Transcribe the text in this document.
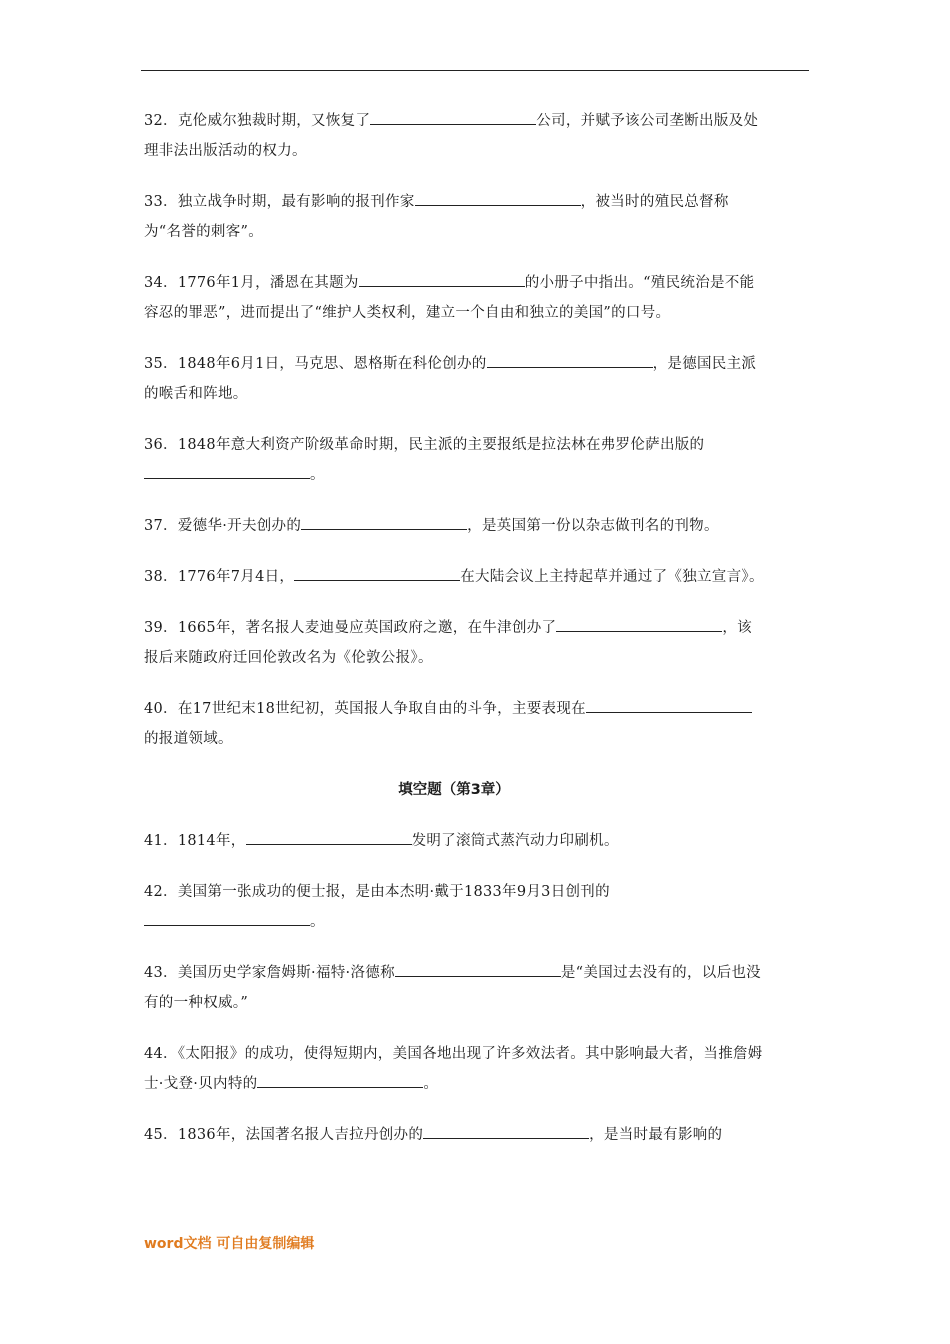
32．克伦威尔独裁时期，又恢复了	公司，并赋予该公司垄断出版及处理非法出版活动的权力。

33．独立战争时期，最有影响的报刊作家	，被当时的殖民总督称为“名誉的刺客”。

34．1776年1月，潘恩在其题为	的小册子中指出。“殖民统治是不能容忍的罪恶”，进而提出了“维护人类权利，建立一个自由和独立的美国”的口号。

35．1848年6月1日，马克思、恩格斯在科伦创办的	，是德国民主派的喉舌和阵地。

36．1848年意大利资产阶级革命时期，民主派的主要报纸是拉法林在弗罗伦萨出版的。

37．爱德华·开夫创办的	，是英国第一份以杂志做刊名的刊物。

38．1776年7月4日，	在大陆会议上主持起草并通过了《独立宣言》。

39．1665年，著名报人麦迪曼应英国政府之邀，在牛津创办了	，该报后来随政府迁回伦敦改名为《伦敦公报》。

40．在17世纪末18世纪初，英国报人争取自由的斗争，主要表现在的报道领域。

填空题（第3章）

41．1814年，	发明了滚筒式蒸汽动力印刷机。

42．美国第一张成功的便士报，是由本杰明·戴于1833年9月3日创刊的。

43．美国历史学家詹姆斯·福特·洛德称	是“美国过去没有的，以后也没有的一种权威。”

44．《太阳报》的成功，使得短期内，美国各地出现了许多效法者。其中影响最大者，当推詹姆士·戈登·贝内特的	。

45．1836年，法国著名报人吉拉丹创办的	，是当时最有影响的

word文档 可自由复制编辑
